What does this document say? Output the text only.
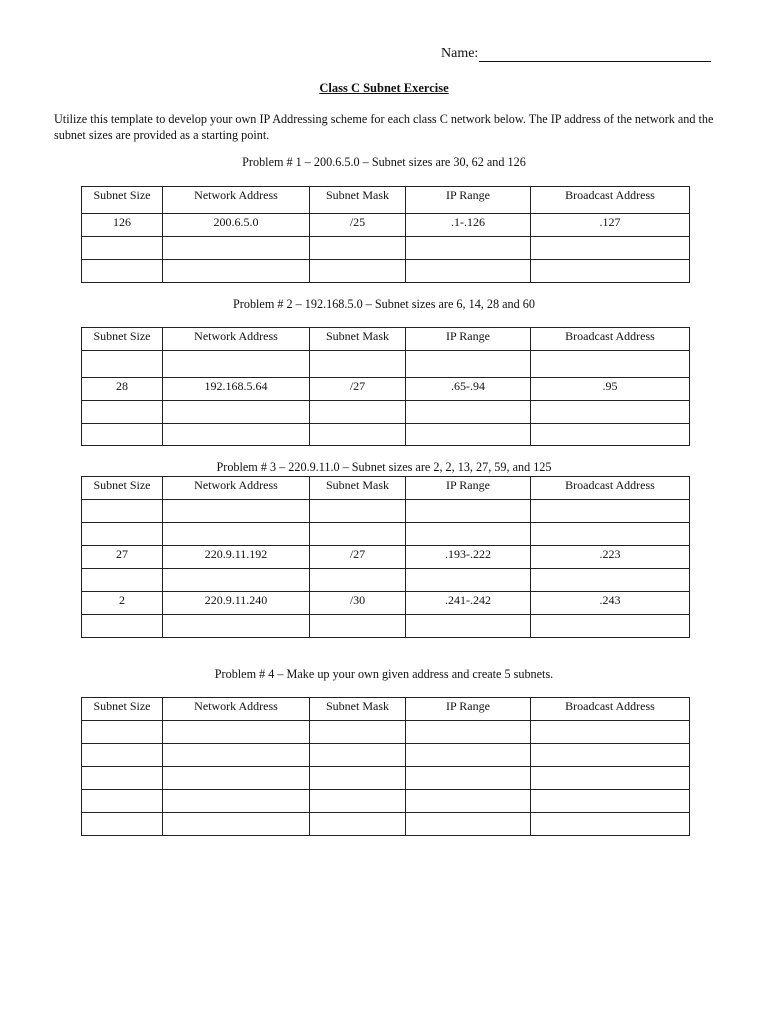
Name:
Class C Subnet Exercise
Utilize this template to develop your own IP Addressing scheme for each class C network below. The IP address of the network and the subnet sizes are provided as a starting point.
Problem # 1 – 200.6.5.0 – Subnet sizes are 30, 62 and 126
Subnet Size	Network Address	Subnet Mask	IP Range	Broadcast Address
126	200.6.5.0	/25	.1-.126	.127

Problem # 2 – 192.168.5.0 – Subnet sizes are 6, 14, 28 and 60
Subnet Size	Network Address	Subnet Mask	IP Range	Broadcast Address

28	192.168.5.64	/27	.65-.94	.95

Problem # 3 – 220.9.11.0 – Subnet sizes are 2, 2, 13, 27, 59, and 125
Subnet Size	Network Address	Subnet Mask	IP Range	Broadcast Address

27	220.9.11.192	/27	.193-.222	.223

2	220.9.11.240	/30	.241-.242	.243

Problem # 4 – Make up your own given address and create 5 subnets.
Subnet Size	Network Address	Subnet Mask	IP Range	Broadcast Address
